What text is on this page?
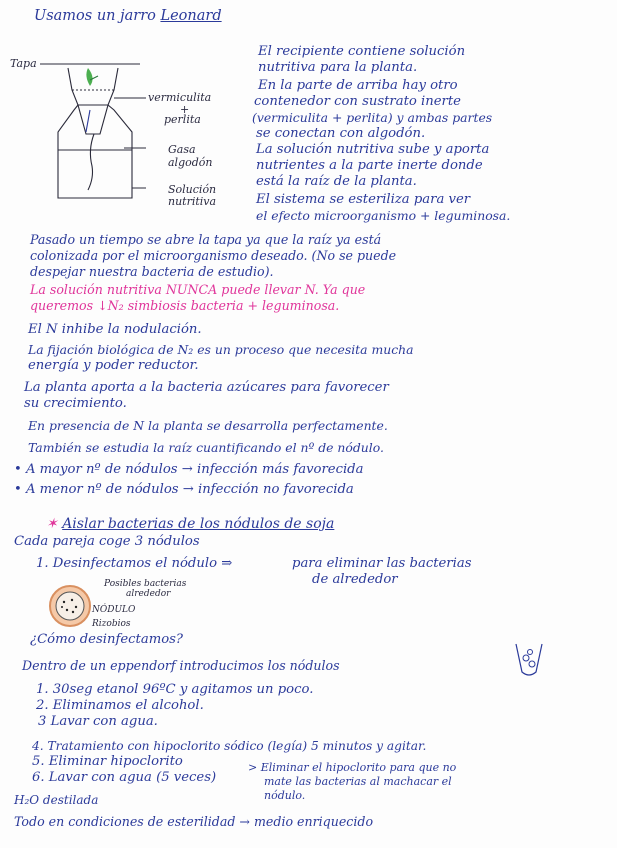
Usamos un jarro Leonard
Tapa
vermiculita
+
perlita
Gasa
algodón
Solución
nutritiva
El recipiente contiene solución
nutritiva para la planta.
En la parte de arriba hay otro
contenedor con sustrato inerte
(vermiculita + perlita) y ambas partes
se conectan con algodón.
La solución nutritiva sube y aporta
nutrientes a la parte inerte donde
está la raíz de la planta.
El sistema se esteriliza para ver
el efecto microorganismo + leguminosa.
Pasado un tiempo se abre la tapa ya que la raíz ya está
colonizada por el microorganismo deseado. (No se puede
despejar nuestra bacteria de estudio).
La solución nutritiva NUNCA puede llevar N. Ya que
queremos ↓N₂ simbiosis bacteria + leguminosa.
El N inhibe la nodulación.
La fijación biológica de N₂ es un proceso que necesita mucha
energía y poder reductor.
La planta aporta a la bacteria azúcares para favorecer
su crecimiento.
En presencia de N la planta se desarrolla perfectamente.
También se estudia la raíz cuantificando el nº de nódulo.
• A mayor nº de nódulos → infección más favorecida
• A menor nº de nódulos → infección no favorecida
✶ Aislar bacterias de los nódulos de soja
Cada pareja coge 3 nódulos
1. Desinfectamos el nódulo ⇒	para eliminar las bacterias
de alrededor
Posibles bacterias
alrededor
NÓDULO
Rizobios
¿Cómo desinfectamos?
Dentro de un eppendorf introducimos los nódulos
1. 30seg etanol 96ºC y agitamos un poco.
2. Eliminamos el alcohol.
3 Lavar con agua.
4. Tratamiento con hipoclorito sódico (legía) 5 minutos y agitar.
5. Eliminar hipoclorito
6. Lavar con agua (5 veces)
> Eliminar el hipoclorito para que no
mate las bacterias al machacar el
nódulo.
H₂O destilada
Todo en condiciones de esterilidad → medio enriquecido
